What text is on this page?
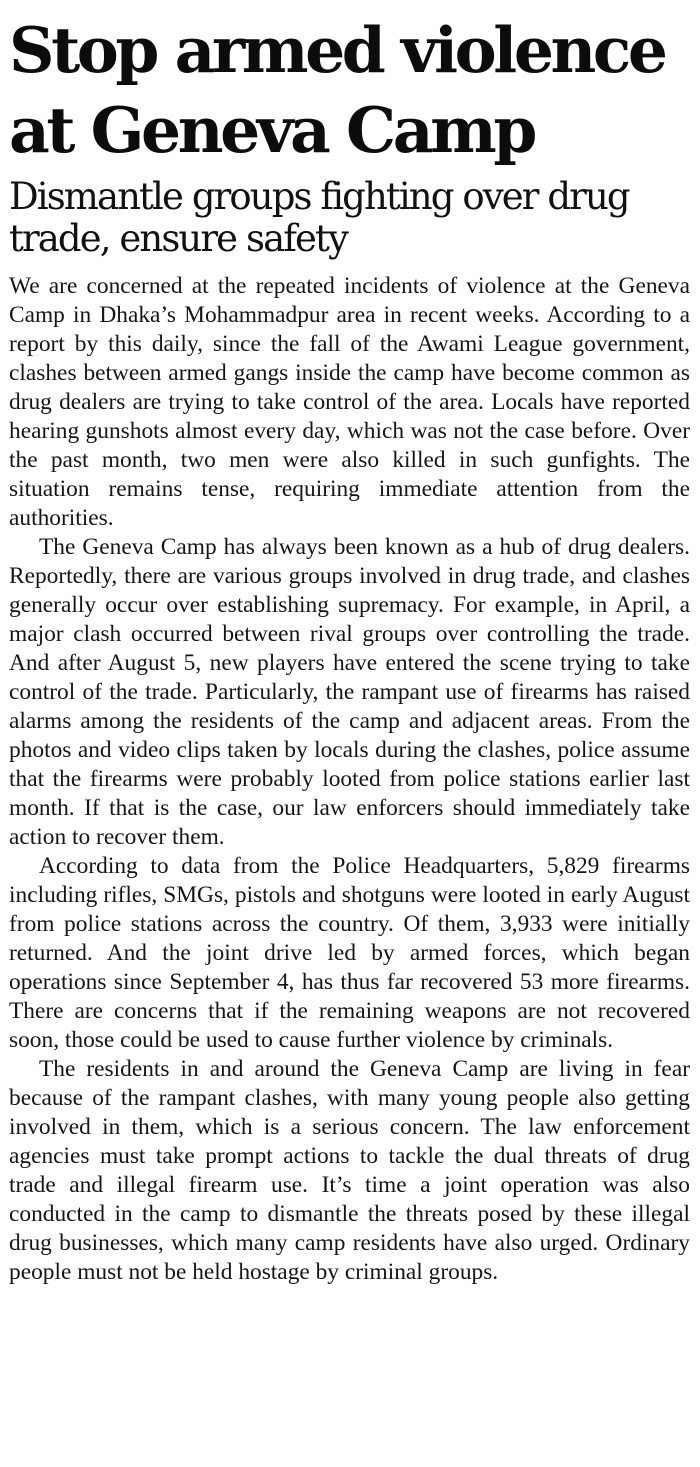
Stop armed violence at Geneva Camp
Dismantle groups fighting over drug trade, ensure safety

We are concerned at the repeated incidents of violence at the Geneva Camp in Dhaka’s Mohammadpur area in recent weeks. According to a report by this daily, since the fall of the Awami League government, clashes between armed gangs inside the camp have become common as drug dealers are trying to take control of the area. Locals have reported hearing gunshots almost every day, which was not the case before. Over the past month, two men were also killed in such gunfights. The situation remains tense, requiring immediate attention from the authorities.

The Geneva Camp has always been known as a hub of drug dealers. Reportedly, there are various groups involved in drug trade, and clashes generally occur over establishing supremacy. For example, in April, a major clash occurred between rival groups over controlling the trade. And after August 5, new players have entered the scene trying to take control of the trade. Particularly, the rampant use of firearms has raised alarms among the residents of the camp and adjacent areas. From the photos and video clips taken by locals during the clashes, police assume that the firearms were probably looted from police stations earlier last month. If that is the case, our law enforcers should immediately take action to recover them.

According to data from the Police Headquarters, 5,829 firearms including rifles, SMGs, pistols and shotguns were looted in early August from police stations across the country. Of them, 3,933 were initially returned. And the joint drive led by armed forces, which began operations since September 4, has thus far recovered 53 more firearms. There are concerns that if the remaining weapons are not recovered soon, those could be used to cause further violence by criminals.

The residents in and around the Geneva Camp are living in fear because of the rampant clashes, with many young people also getting involved in them, which is a serious concern. The law enforcement agencies must take prompt actions to tackle the dual threats of drug trade and illegal firearm use. It’s time a joint operation was also conducted in the camp to dismantle the threats posed by these illegal drug businesses, which many camp residents have also urged. Ordinary people must not be held hostage by criminal groups.
